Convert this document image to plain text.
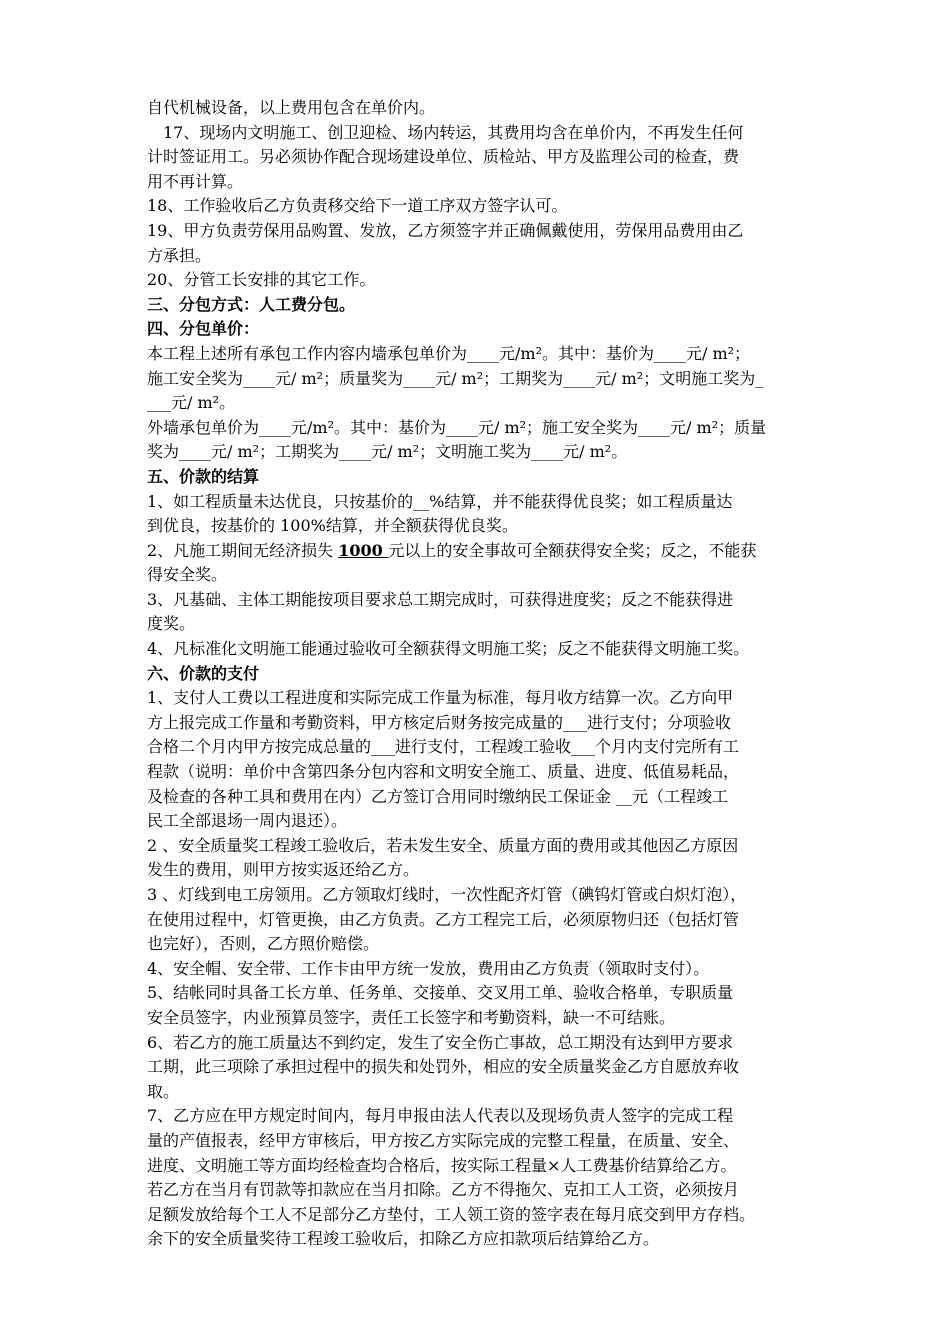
自代机械设备，以上费用包含在单价内。
　17、现场内文明施工、创卫迎检、场内转运，其费用均含在单价内，不再发生任何
计时签证用工。另必须协作配合现场建设单位、质检站、甲方及监理公司的检查，费
用不再计算。
18、工作验收后乙方负责移交给下一道工序双方签字认可。
19、甲方负责劳保用品购置、发放，乙方须签字并正确佩戴使用，劳保用品费用由乙
方承担。
20、分管工长安排的其它工作。
三、分包方式：人工费分包。
四、分包单价：
本工程上述所有承包工作内容内墙承包单价为____元/m²。其中：基价为____元/ m²；
施工安全奖为____元/ m²；质量奖为____元/ m²；工期奖为____元/ m²；文明施工奖为_
___元/ m²。
外墙承包单价为____元/m²。其中：基价为____元/ m²；施工安全奖为____元/ m²；质量
奖为____元/ m²；工期奖为____元/ m²；文明施工奖为____元/ m²。
五、价款的结算
1、如工程质量未达优良，只按基价的__%结算，并不能获得优良奖；如工程质量达
到优良，按基价的 100%结算，并全额获得优良奖。
2、凡施工期间无经济损失 1000 元以上的安全事故可全额获得安全奖；反之，不能获
得安全奖。
3、凡基础、主体工期能按项目要求总工期完成时，可获得进度奖；反之不能获得进
度奖。
4、凡标准化文明施工能通过验收可全额获得文明施工奖；反之不能获得文明施工奖。
六、价款的支付
1、支付人工费以工程进度和实际完成工作量为标准，每月收方结算一次。乙方向甲
方上报完成工作量和考勤资料，甲方核定后财务按完成量的___进行支付；分项验收
合格二个月内甲方按完成总量的___进行支付，工程竣工验收___个月内支付完所有工
程款（说明：单价中含第四条分包内容和文明安全施工、质量、进度、低值易耗品，
及检查的各种工具和费用在内）乙方签订合用同时缴纳民工保证金 __元（工程竣工
民工全部退场一周内退还）。
2 、安全质量奖工程竣工验收后，若未发生安全、质量方面的费用或其他因乙方原因
发生的费用，则甲方按实返还给乙方。
3 、灯线到电工房领用。乙方领取灯线时，一次性配齐灯管（碘钨灯管或白炽灯泡），
在使用过程中，灯管更换，由乙方负责。乙方工程完工后，必须原物归还（包括灯管
也完好），否则，乙方照价赔偿。
4、安全帽、安全带、工作卡由甲方统一发放，费用由乙方负责（领取时支付）。
5、结帐同时具备工长方单、任务单、交接单、交叉用工单、验收合格单，专职质量
安全员签字，内业预算员签字，责任工长签字和考勤资料，缺一不可结账。
6、若乙方的施工质量达不到约定，发生了安全伤亡事故，总工期没有达到甲方要求
工期，此三项除了承担过程中的损失和处罚外，相应的安全质量奖金乙方自愿放弃收
取。
7、乙方应在甲方规定时间内，每月申报由法人代表以及现场负责人签字的完成工程
量的产值报表，经甲方审核后，甲方按乙方实际完成的完整工程量，在质量、安全、
进度、文明施工等方面均经检查均合格后，按实际工程量×人工费基价结算给乙方。
若乙方在当月有罚款等扣款应在当月扣除。乙方不得拖欠、克扣工人工资，必须按月
足额发放给每个工人不足部分乙方垫付，工人领工资的签字表在每月底交到甲方存档。
余下的安全质量奖待工程竣工验收后，扣除乙方应扣款项后结算给乙方。
